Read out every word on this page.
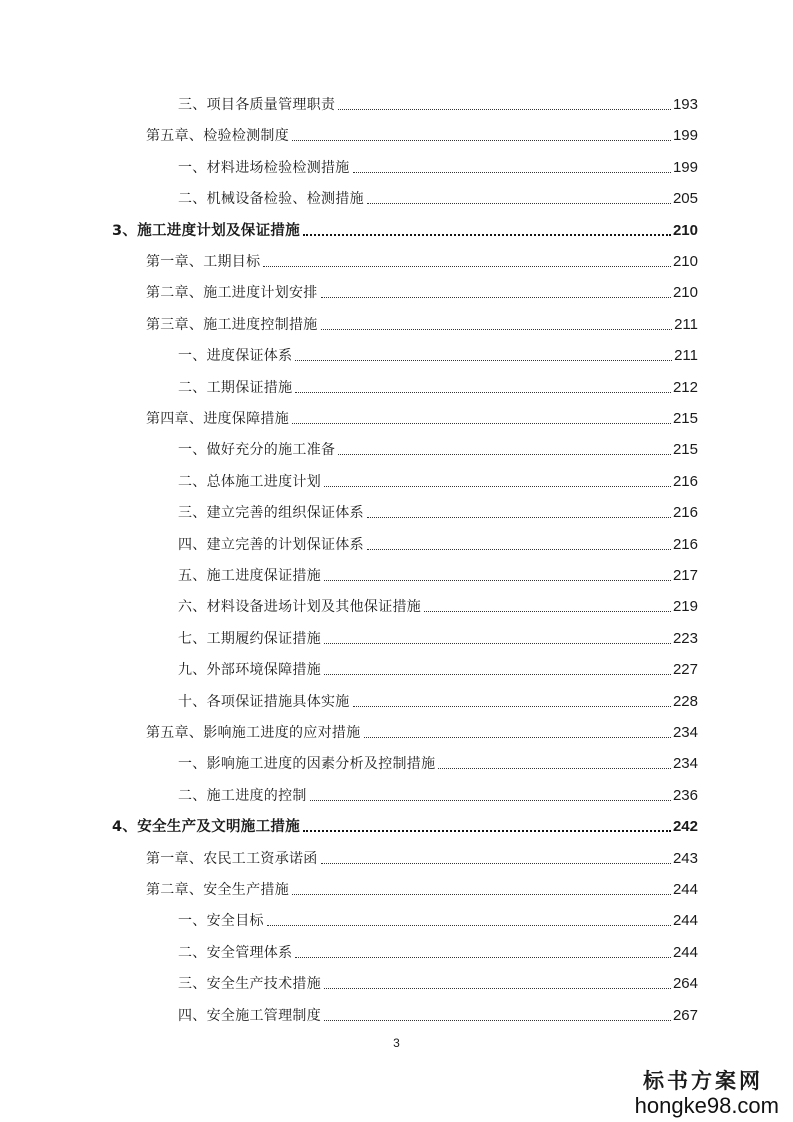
三、项目各质量管理职责	193
第五章、检验检测制度	199
一、材料进场检验检测措施	199
二、机械设备检验、检测措施	205
3、施工进度计划及保证措施	210
第一章、工期目标	210
第二章、施工进度计划安排	210
第三章、施工进度控制措施	211
一、进度保证体系	211
二、工期保证措施	212
第四章、进度保障措施	215
一、做好充分的施工准备	215
二、总体施工进度计划	216
三、建立完善的组织保证体系	216
四、建立完善的计划保证体系	216
五、施工进度保证措施	217
六、材料设备进场计划及其他保证措施	219
七、工期履约保证措施	223
九、外部环境保障措施	227
十、各项保证措施具体实施	228
第五章、影响施工进度的应对措施	234
一、影响施工进度的因素分析及控制措施	234
二、施工进度的控制	236
4、安全生产及文明施工措施	242
第一章、农民工工资承诺函	243
第二章、安全生产措施	244
一、安全目标	244
二、安全管理体系	244
三、安全生产技术措施	264
四、安全施工管理制度	267
3
标书方案网
hongke98.com
